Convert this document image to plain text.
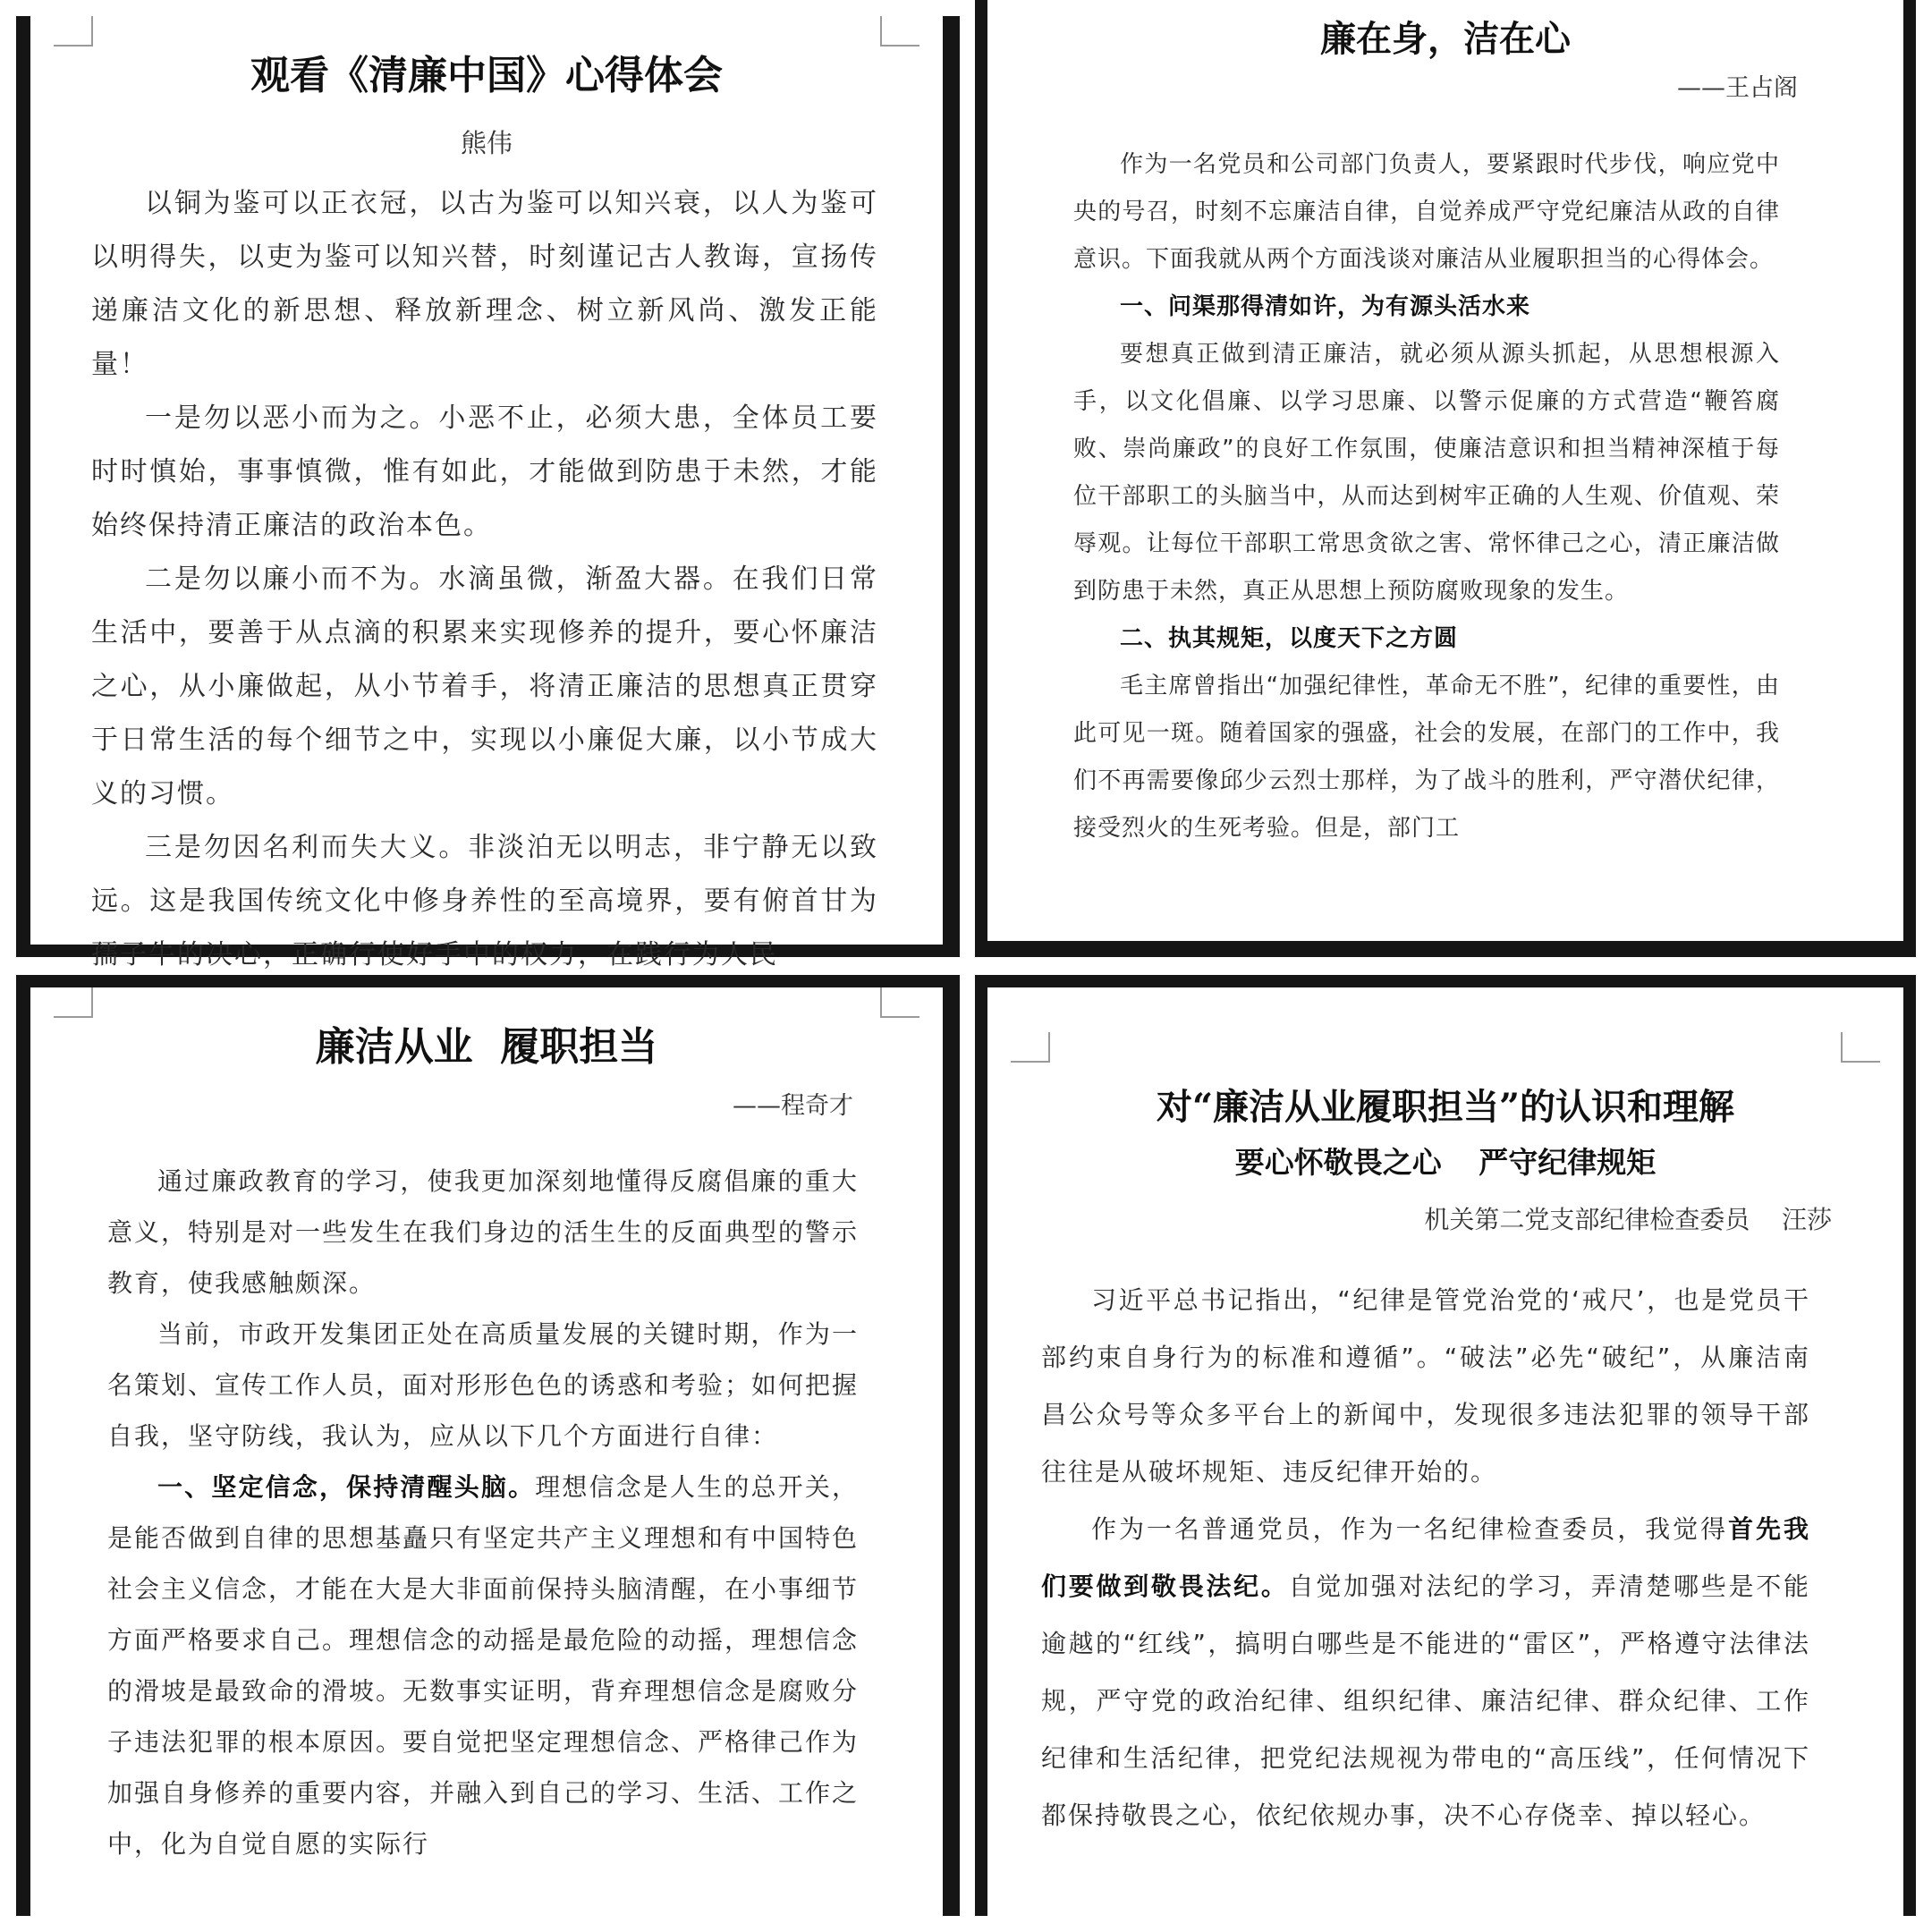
观看《清廉中国》心得体会
熊伟

以铜为鉴可以正衣冠，以古为鉴可以知兴衰，以人为鉴可以明得失，以吏为鉴可以知兴替，时刻谨记古人教诲，宣扬传递廉洁文化的新思想、释放新理念、树立新风尚、激发正能量！

一是勿以恶小而为之。小恶不止，必须大患，全体员工要时时慎始，事事慎微，惟有如此，才能做到防患于未然，才能始终保持清正廉洁的政治本色。

二是勿以廉小而不为。水滴虽微，渐盈大器。在我们日常生活中，要善于从点滴的积累来实现修养的提升，要心怀廉洁之心，从小廉做起，从小节着手，将清正廉洁的思想真正贯穿于日常生活的每个细节之中，实现以小廉促大廉，以小节成大义的习惯。

三是勿因名利而失大义。非淡泊无以明志，非宁静无以致远。这是我国传统文化中修身养性的至高境界，要有俯首甘为孺子牛的决心，正确行使好手中的权力，在践行为人民

廉在身，洁在心
——王占阁

作为一名党员和公司部门负责人，要紧跟时代步伐，响应党中央的号召，时刻不忘廉洁自律，自觉养成严守党纪廉洁从政的自律意识。下面我就从两个方面浅谈对廉洁从业履职担当的心得体会。

一、问渠那得清如许，为有源头活水来

要想真正做到清正廉洁，就必须从源头抓起，从思想根源入手，以文化倡廉、以学习思廉、以警示促廉的方式营造“鞭笞腐败、崇尚廉政”的良好工作氛围，使廉洁意识和担当精神深植于每位干部职工的头脑当中，从而达到树牢正确的人生观、价值观、荣辱观。让每位干部职工常思贪欲之害、常怀律己之心，清正廉洁做到防患于未然，真正从思想上预防腐败现象的发生。

二、执其规矩，以度天下之方圆

毛主席曾指出“加强纪律性，革命无不胜”，纪律的重要性，由此可见一斑。随着国家的强盛，社会的发展，在部门的工作中，我们不再需要像邱少云烈士那样，为了战斗的胜利，严守潜伏纪律，接受烈火的生死考验。但是，部门工

廉洁从业  履职担当
——程奇才

通过廉政教育的学习，使我更加深刻地懂得反腐倡廉的重大意义，特别是对一些发生在我们身边的活生生的反面典型的警示教育，使我感触颇深。

当前，市政开发集团正处在高质量发展的关键时期，作为一名策划、宣传工作人员，面对形形色色的诱惑和考验；如何把握自我，坚守防线，我认为，应从以下几个方面进行自律：

一、坚定信念，保持清醒头脑。理想信念是人生的总开关，是能否做到自律的思想基矗只有坚定共产主义理想和有中国特色社会主义信念，才能在大是大非面前保持头脑清醒，在小事细节方面严格要求自己。理想信念的动摇是最危险的动摇，理想信念的滑坡是最致命的滑坡。无数事实证明，背弃理想信念是腐败分子违法犯罪的根本原因。要自觉把坚定理想信念、严格律己作为加强自身修养的重要内容，并融入到自己的学习、生活、工作之中，化为自觉自愿的实际行

对“廉洁从业履职担当”的认识和理解
要心怀敬畏之心 严守纪律规矩
机关第二党支部纪律检查委员    汪莎

习近平总书记指出，“纪律是管党治党的‘戒尺’，也是党员干部约束自身行为的标准和遵循”。“破法”必先“破纪”，从廉洁南昌公众号等众多平台上的新闻中，发现很多违法犯罪的领导干部往往是从破坏规矩、违反纪律开始的。

作为一名普通党员，作为一名纪律检查委员，我觉得首先我们要做到敬畏法纪。自觉加强对法纪的学习，弄清楚哪些是不能逾越的“红线”，搞明白哪些是不能进的“雷区”，严格遵守法律法规，严守党的政治纪律、组织纪律、廉洁纪律、群众纪律、工作纪律和生活纪律，把党纪法规视为带电的“高压线”，任何情况下都保持敬畏之心，依纪依规办事，决不心存侥幸、掉以轻心。
